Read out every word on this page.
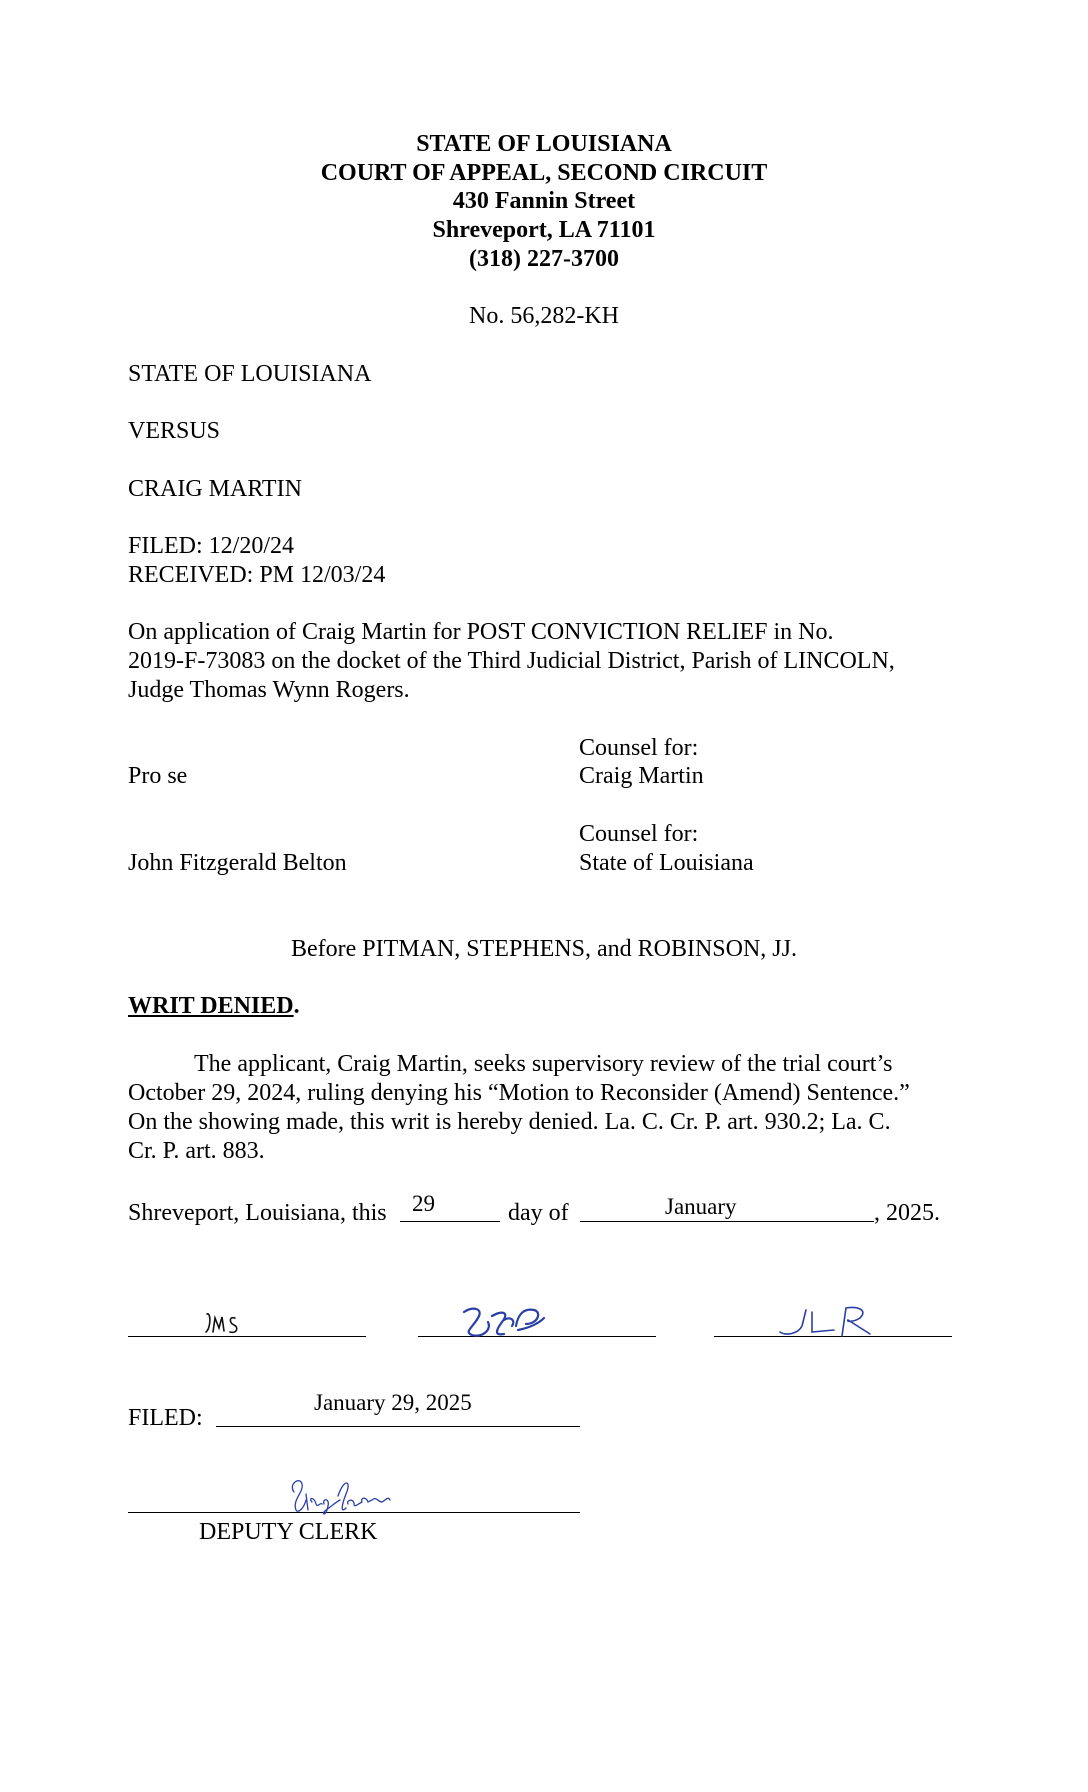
STATE OF LOUISIANA
COURT OF APPEAL, SECOND CIRCUIT
430 Fannin Street
Shreveport, LA 71101
(318) 227-3700
No. 56,282-KH
STATE OF LOUISIANA
VERSUS
CRAIG MARTIN
FILED: 12/20/24
RECEIVED: PM 12/03/24
On application of Craig Martin for POST CONVICTION RELIEF in No.
2019-F-73083 on the docket of the Third Judicial District, Parish of LINCOLN,
Judge Thomas Wynn Rogers.
Counsel for:
Pro se	Craig Martin
Counsel for:
John Fitzgerald Belton	State of Louisiana
Before PITMAN, STEPHENS, and ROBINSON, JJ.
WRIT DENIED.
The applicant, Craig Martin, seeks supervisory review of the trial court’s
October 29, 2024, ruling denying his “Motion to Reconsider (Amend) Sentence.”
On the showing made, this writ is hereby denied. La. C. Cr. P. art. 930.2; La. C.
Cr. P. art. 883.
Shreveport, Louisiana, this 29	day of	January	, 2025.
FILED:
January 29, 2025
DEPUTY CLERK
